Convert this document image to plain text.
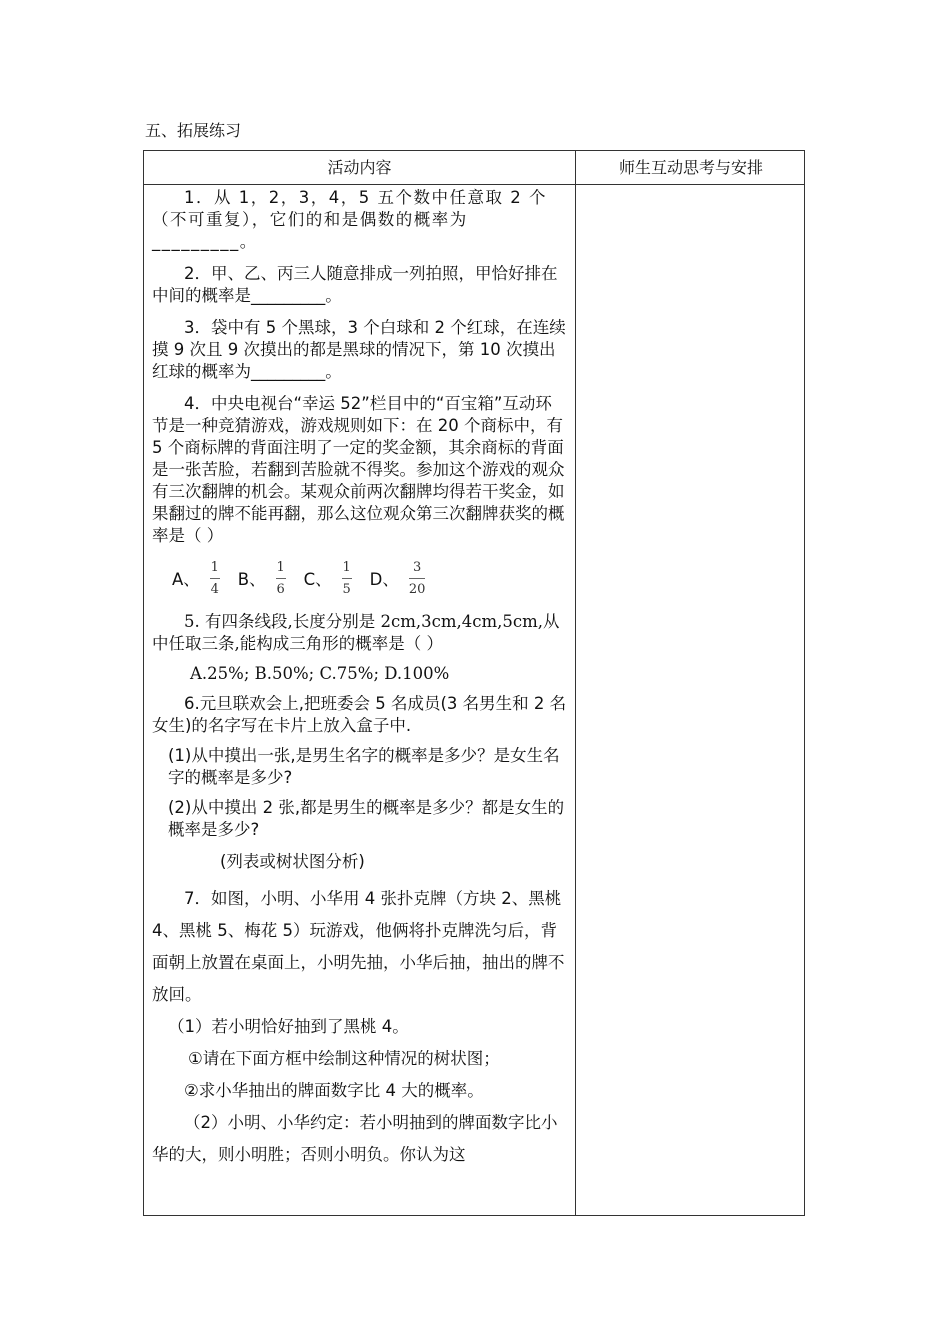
五、拓展练习
活动内容	师生互动思考与安排

1．从 1，2，3，4，5 五个数中任意取 2 个（不可重复），它们的和是偶数的概率为_________。

2．甲、乙、丙三人随意排成一列拍照，甲恰好排在中间的概率是_________。

3．袋中有 5 个黑球，3 个白球和 2 个红球，在连续摸 9 次且 9 次摸出的都是黑球的情况下，第 10 次摸出红球的概率为_________。

4．中央电视台“幸运 52”栏目中的“百宝箱”互动环节是一种竞猜游戏，游戏规则如下：在 20 个商标中，有 5 个商标牌的背面注明了一定的奖金额，其余商标的背面是一张苦脸，若翻到苦脸就不得奖。参加这个游戏的观众有三次翻牌的机会。某观众前两次翻牌均得若干奖金，如果翻过的牌不能再翻，那么这位观众第三次翻牌获奖的概率是（ ）

A、 $\frac{1}{4}$ B、 $\frac{1}{6}$ C、 $\frac{1}{5}$ D、 $\frac{3}{20}$

5. 有四条线段,长度分别是 2cm,3cm,4cm,5cm,从中任取三条,能构成三角形的概率是（ ）

A.25%; B.50%; C.75%; D.100%

6.元旦联欢会上,把班委会 5 名成员(3 名男生和 2 名女生)的名字写在卡片上放入盒子中.

(1)从中摸出一张,是男生名字的概率是多少？是女生名字的概率是多少?

(2)从中摸出 2 张,都是男生的概率是多少？都是女生的概率是多少?

(列表或树状图分析)

7．如图，小明、小华用 4 张扑克牌（方块 2、黑桃 4、黑桃 5、梅花 5）玩游戏，他俩将扑克牌洗匀后，背面朝上放置在桌面上，小明先抽，小华后抽，抽出的牌不放回。

（1）若小明恰好抽到了黑桃 4。

①请在下面方框中绘制这种情况的树状图；

②求小华抽出的牌面数字比 4 大的概率。

（2）小明、小华约定：若小明抽到的牌面数字比小华的大，则小明胜；否则小明负。你认为这
